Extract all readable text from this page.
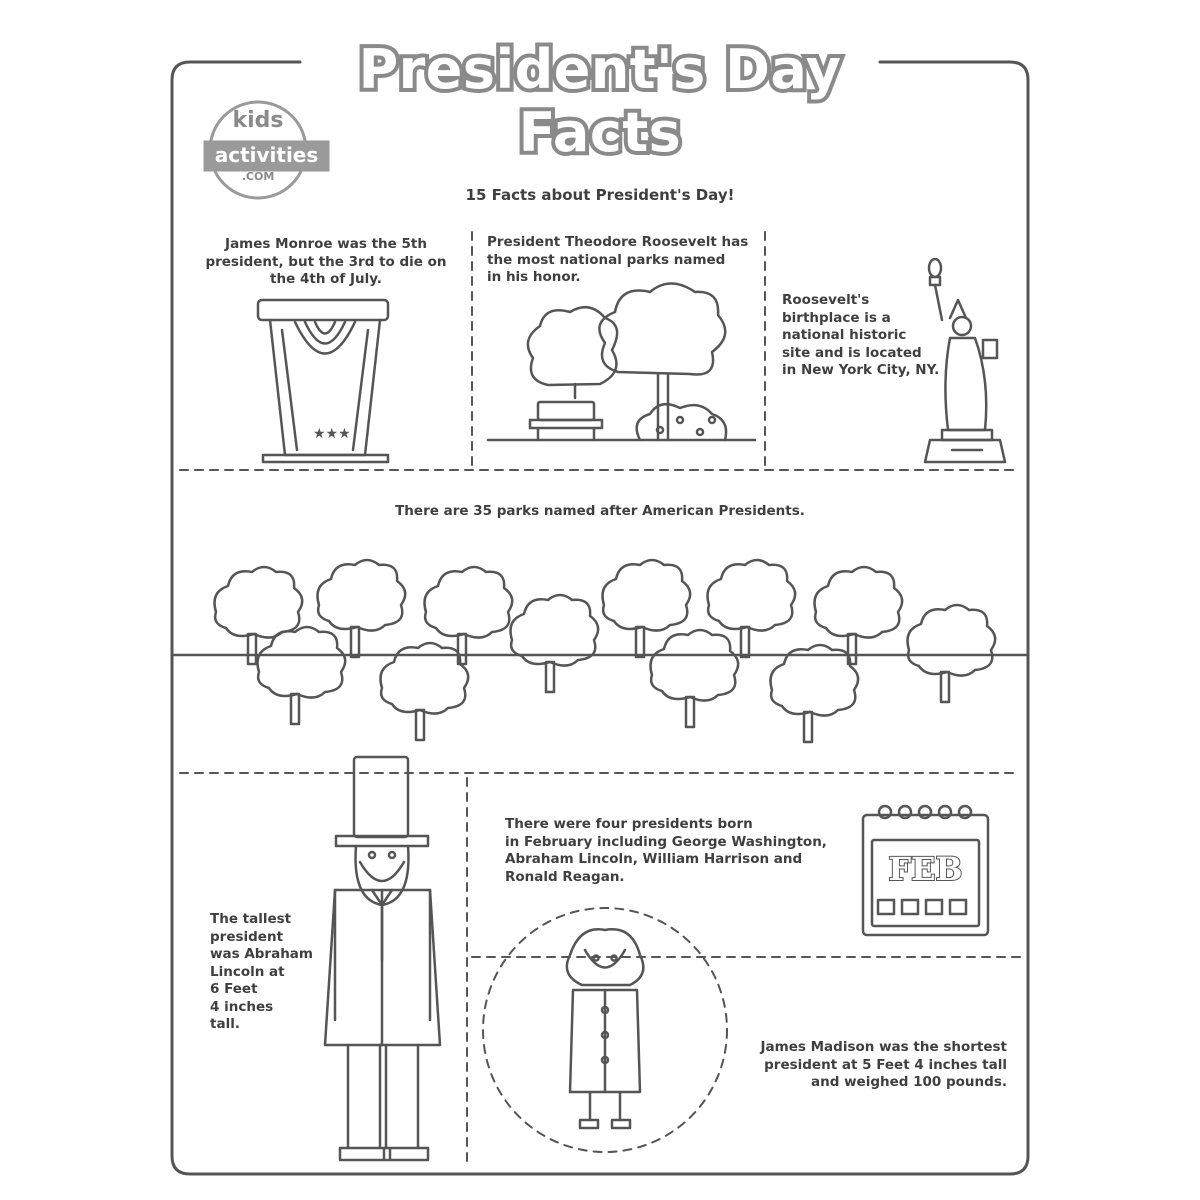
★★★
President's Day
Facts
kids
activities
.COM
15 Facts about President's Day!

James Monroe was the 5th
president, but the 3rd to die on
the 4th of July.

President Theodore Roosevelt has
the most national parks named
in his honor.

Roosevelt's
birthplace is a
national historic
site and is located
in New York City, NY.

There are 35 parks named after American Presidents.

There were four presidents born
in February including George Washington,
Abraham Lincoln, William Harrison and
Ronald Reagan.

The tallest
president
was Abraham
Lincoln at
6 Feet
4 inches
tall.

James Madison was the shortest
president at 5 Feet 4 inches tall
and weighed 100 pounds.

FEB
